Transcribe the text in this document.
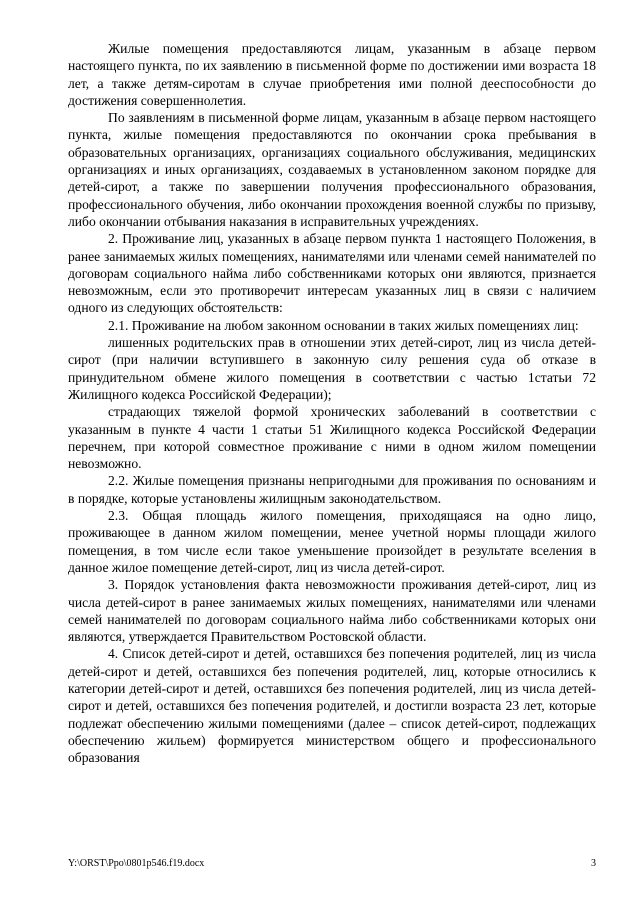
Жилые помещения предоставляются лицам, указанным в абзаце первом настоящего пункта, по их заявлению в письменной форме по достижении ими возраста 18 лет, а также детям-сиротам в случае приобретения ими полной дееспособности до достижения совершеннолетия.

По заявлениям в письменной форме лицам, указанным в абзаце первом настоящего пункта, жилые помещения предоставляются по окончании срока пребывания в образовательных организациях, организациях социального обслуживания, медицинских организациях и иных организациях, создаваемых в установленном законом порядке для детей-сирот, а также по завершении получения профессионального образования, профессионального обучения, либо окончании прохождения военной службы по призыву, либо окончании отбывания наказания в исправительных учреждениях.

2. Проживание лиц, указанных в абзаце первом пункта 1 настоящего Положения, в ранее занимаемых жилых помещениях, нанимателями или членами семей нанимателей по договорам социального найма либо собственниками которых они являются, признается невозможным, если это противоречит интересам указанных лиц в связи с наличием одного из следующих обстоятельств:

2.1. Проживание на любом законном основании в таких жилых помещениях лиц:

лишенных родительских прав в отношении этих детей-сирот, лиц из числа детей-сирот (при наличии вступившего в законную силу решения суда об отказе в принудительном обмене жилого помещения в соответствии с частью 1статьи 72 Жилищного кодекса Российской Федерации);

страдающих тяжелой формой хронических заболеваний в соответствии с указанным в пункте 4 части 1 статьи 51 Жилищного кодекса Российской Федерации перечнем, при которой совместное проживание с ними в одном жилом помещении невозможно.

2.2. Жилые помещения признаны непригодными для проживания по основаниям и в порядке, которые установлены жилищным законодательством.

2.3. Общая площадь жилого помещения, приходящаяся на одно лицо, проживающее в данном жилом помещении, менее учетной нормы площади жилого помещения, в том числе если такое уменьшение произойдет в результате вселения в данное жилое помещение детей-сирот, лиц из числа детей-сирот.

3. Порядок установления факта невозможности проживания детей-сирот, лиц из числа детей-сирот в ранее занимаемых жилых помещениях, нанимателями или членами семей нанимателей по договорам социального найма либо собственниками которых они являются, утверждается Правительством Ростовской области.

4. Список детей-сирот и детей, оставшихся без попечения родителей, лиц из числа детей-сирот и детей, оставшихся без попечения родителей, лиц, которые относились к категории детей-сирот и детей, оставшихся без попечения родителей, лиц из числа детей-сирот и детей, оставшихся без попечения родителей, и достигли возраста 23 лет, которые подлежат обеспечению жилыми помещениями (далее – список детей-сирот, подлежащих обеспечению жильем) формируется министерством общего и профессионального образования

Y:\ORST\Ppo\0801p546.f19.docx	3
